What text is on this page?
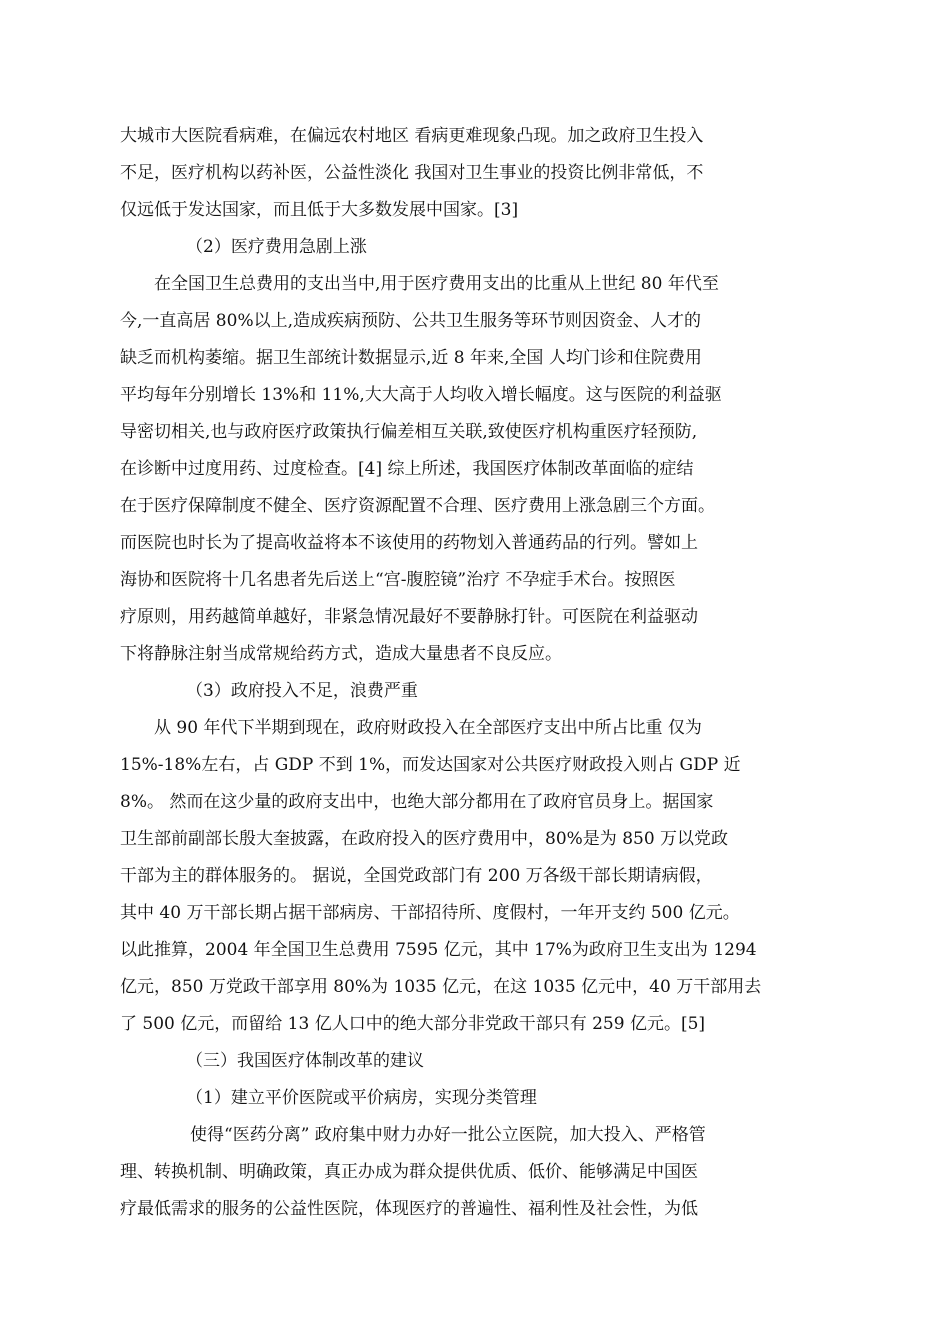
大城市大医院看病难，在偏远农村地区 看病更难现象凸现。加之政府卫生投入
不足，医疗机构以药补医，公益性淡化 我国对卫生事业的投资比例非常低，不
仅远低于发达国家，而且低于大多数发展中国家。[3]
（2）医疗费用急剧上涨
在全国卫生总费用的支出当中,用于医疗费用支出的比重从上世纪 80 年代至
今,一直高居 80%以上,造成疾病预防、公共卫生服务等环节则因资金、人才的
缺乏而机构萎缩。据卫生部统计数据显示,近 8 年来,全国 人均门诊和住院费用
平均每年分别增长 13%和 11%,大大高于人均收入增长幅度。这与医院的利益驱
导密切相关,也与政府医疗政策执行偏差相互关联,致使医疗机构重医疗轻预防,
在诊断中过度用药、过度检查。[4] 综上所述，我国医疗体制改革面临的症结
在于医疗保障制度不健全、医疗资源配置不合理、医疗费用上涨急剧三个方面。
而医院也时长为了提高收益将本不该使用的药物划入普通药品的行列。譬如上
海协和医院将十几名患者先后送上“宫-腹腔镜”治疗 不孕症手术台。按照医
疗原则，用药越简单越好，非紧急情况最好不要静脉打针。可医院在利益驱动
下将静脉注射当成常规给药方式，造成大量患者不良反应。
（3）政府投入不足，浪费严重
从 90 年代下半期到现在，政府财政投入在全部医疗支出中所占比重 仅为
15%-18%左右，占 GDP 不到 1%，而发达国家对公共医疗财政投入则占 GDP 近
8%。 然而在这少量的政府支出中，也绝大部分都用在了政府官员身上。据国家
卫生部前副部长殷大奎披露，在政府投入的医疗费用中，80%是为 850 万以党政
干部为主的群体服务的。 据说，全国党政部门有 200 万各级干部长期请病假，
其中 40 万干部长期占据干部病房、干部招待所、度假村，一年开支约 500 亿元。
以此推算，2004 年全国卫生总费用 7595 亿元，其中 17%为政府卫生支出为 1294
亿元，850 万党政干部享用 80%为 1035 亿元，在这 1035 亿元中，40 万干部用去
了 500 亿元，而留给 13 亿人口中的绝大部分非党政干部只有 259 亿元。[5]
（三）我国医疗体制改革的建议
（1）建立平价医院或平价病房，实现分类管理
使得“医药分离” 政府集中财力办好一批公立医院，加大投入、严格管
理、转换机制、明确政策，真正办成为群众提供优质、低价、能够满足中国医
疗最低需求的服务的公益性医院，体现医疗的普遍性、福利性及社会性，为低
